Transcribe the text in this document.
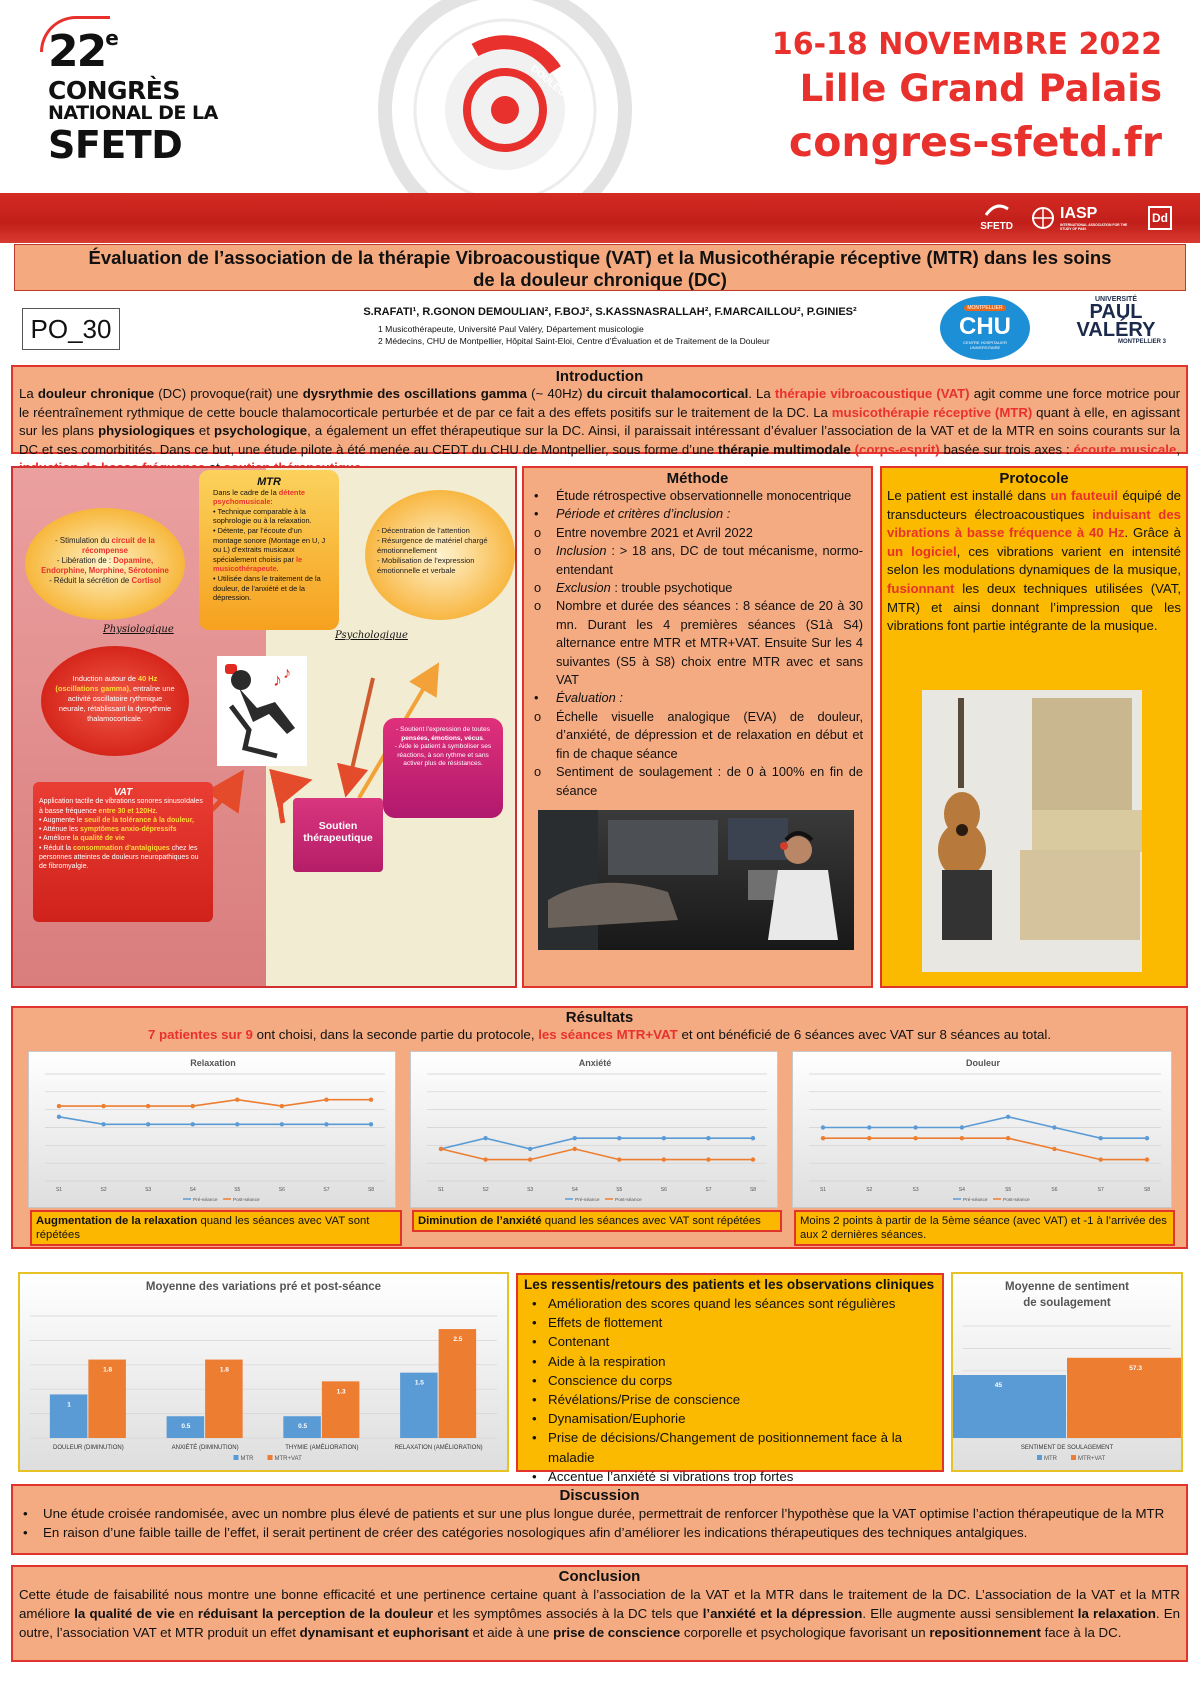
22e
CONGRÈS
NATIONAL DE LA
SFETD
DOULEUR
16-18 NOVEMBRE 2022
Lille Grand Palais
congres-sfetd.fr

SFETD
IASP
INTERNATIONAL ASSOCIATION FOR THE STUDY OF PAIN
Dd
Évaluation de l’association de la thérapie Vibroacoustique (VAT) et la Musicothérapie réceptive (MTR) dans les soins
de la douleur chronique (DC)
PO_30
S.RAFATI¹, R.GONON DEMOULIAN², F.BOJ², S.KASSNASRALLAH², F.MARCAILLOU², P.GINIES²
1 Musicothérapeute, Université Paul Valéry, Département musicologie
2 Médecins, CHU de Montpellier, Hôpital Saint-Eloi, Centre d’Évaluation et de Traitement de la Douleur
MONTPELLIER
CHU
CENTRE HOSPITALIER UNIVERSITAIRE
UNIVERSITÉ
PAUL
VALÉRY
MONTPELLIER 3
Introduction
La douleur chronique (DC) provoque(rait) une dysrythmie des oscillations gamma (~ 40Hz) du circuit thalamocortical. La thérapie vibroacoustique (VAT) agit comme une force motrice pour le réentraînement rythmique de cette boucle thalamocorticale perturbée et de par ce fait a des effets positifs sur le traitement de la DC. La musicothérapie réceptive (MTR) quant à elle, en agissant sur les plans physiologiques et psychologique, a également un effet thérapeutique sur la DC. Ainsi, il paraissait intéressant d’évaluer l’association de la VAT et de la MTR en soins courants sur la DC et ses comorbitités. Dans ce but, une étude pilote à été menée au CEDT du CHU de Montpellier, sous forme d’une thérapie multimodale (corps-esprit) basée sur trois axes : écoute musicale,
- Stimulation du circuit de la récompense
- Libération de : Dopamine, Endorphine, Morphine, Sérotonine
- Réduit la sécrétion de Cortisol
MTR
Dans le cadre de la détente psychomusicale:
• Technique comparable à la sophrologie ou à la relaxation.
• Détente, par l’écoute d’un montage sonore (Montage en U, J ou L) d’extraits musicaux spécialement choisis par le musicothérapeute.
• Utilisée dans le traitement de la douleur, de l’anxiété et de la dépression.
- Décentration de l’attention
- Résurgence de matériel chargé émotionnellement
- Mobilisation de l’expression émotionnelle et verbale
Physiologique
Psychologique
Induction autour de 40 Hz (oscillations gamma), entraîne une activité oscillatoire rythmique neurale, rétablissant la dysrythmie thalamocorticale.
♪ ♪
- Soutient l’expression de toutes pensées, émotions, vécus.
- Aide le patient à symboliser ses réactions, à son rythme et sans activer plus de résistances.
Soutien thérapeutique
VAT
Application tactile de vibrations sonores sinusoïdales à basse fréquence entre 30 et 120Hz.
• Augmente le seuil de la tolérance à la douleur,
• Atténue les symptômes anxio-dépressifs
• Améliore la qualité de vie
• Réduit la consommation d’antalgiques chez les personnes atteintes de douleurs neuropathiques ou de fibromyalgie.
Méthode
• Étude rétrospective observationnelle monocentrique
• Période et critères d’inclusion :
o Entre novembre 2021 et Avril 2022
o Inclusion : > 18 ans, DC de tout mécanisme, normo-entendant
o Exclusion : trouble psychotique
o Nombre et durée des séances : 8 séance de 20 à 30 mn. Durant les 4 premières séances (S1à S4) alternance entre MTR et MTR+VAT. Ensuite Sur les 4 suivantes (S5 à S8) choix entre MTR avec et sans VAT
• Évaluation :
o Échelle visuelle analogique (EVA) de douleur, d’anxiété, de dépression et de relaxation en début et fin de chaque séance
o Sentiment de soulagement : de 0 à 100% en fin de séance
Protocole
Le patient est installé dans un fauteuil équipé de transducteurs électroacoustiques induisant des vibrations à basse fréquence à 40 Hz. Grâce à un logiciel, ces vibrations varient en intensité selon les modulations dynamiques de la musique, fusionnant les deux techniques utilisées (VAT, MTR) et ainsi donnant l’impression que les vibrations font partie intégrante de la musique.
Résultats
7 patientes sur 9 ont choisi, dans la seconde partie du protocole, les séances MTR+VAT et ont bénéficié de 6 séances avec VAT sur 8 séances au total.
Relaxation
S1	S2	S3	S4	S5	S6	S7	S8
Pré-séance	Post-séance
Anxiété
S1	S2	S3	S4	S5	S6	S7	S8
Pré-séance	Post-séance
Douleur
S1	S2	S3	S4	S5	S6	S7	S8
Pré-séance	Post-séance
Augmentation de la relaxation quand les séances avec VAT sont répétées
Diminution de l’anxiété quand les séances avec VAT sont répétées	Moins 2 points à partir de la 5ème séance (avec VAT) et -1 à l’arrivée des aux 2 dernières séances.
Moyenne des variations pré et post-séance
1
1.8
DOULEUR (DIMINUTION)
0.5
1.8
ANXIÉTÉ (DIMINUTION)
0.5
1.3
THYMIE (AMÉLIORATION)
1.5
2.5
RELAXATION (AMÉLIORATION)
MTR	MTR+VAT
Les ressentis/retours des patients et les observations cliniques
• Amélioration des scores quand les séances sont régulières
• Effets de flottement
• Contenant
• Aide à la respiration
• Conscience du corps
• Révélations/Prise de conscience
• Dynamisation/Euphorie
• Prise de décisions/Changement de positionnement face à la maladie
• Accentue l’anxiété si vibrations trop fortes
Moyenne de sentiment de soulagement
45
57.3
SENTIMENT DE SOULAGEMENT
MTR	MTR+VAT
Discussion
• Une étude croisée randomisée, avec un nombre plus élevé de patients et sur une plus longue durée, permettrait de renforcer l’hypothèse que la VAT optimise l’action thérapeutique de la MTR
• En raison d’une faible taille de l’effet, il serait pertinent de créer des catégories nosologiques afin d’améliorer les indications thérapeutiques des techniques antalgiques.
Conclusion
Cette étude de faisabilité nous montre une bonne efficacité et une pertinence certaine quant à l’association de la VAT et la MTR dans le traitement de la DC. L’association de la VAT et la MTR améliore la qualité de vie en réduisant la perception de la douleur et les symptômes associés à la DC tels que l’anxiété et la dépression. Elle augmente aussi sensiblement la relaxation. En outre, l’association VAT et MTR produit un effet dynamisant et euphorisant et aide à une prise de conscience corporelle et psychologique favorisant un repositionnement face à la DC.
